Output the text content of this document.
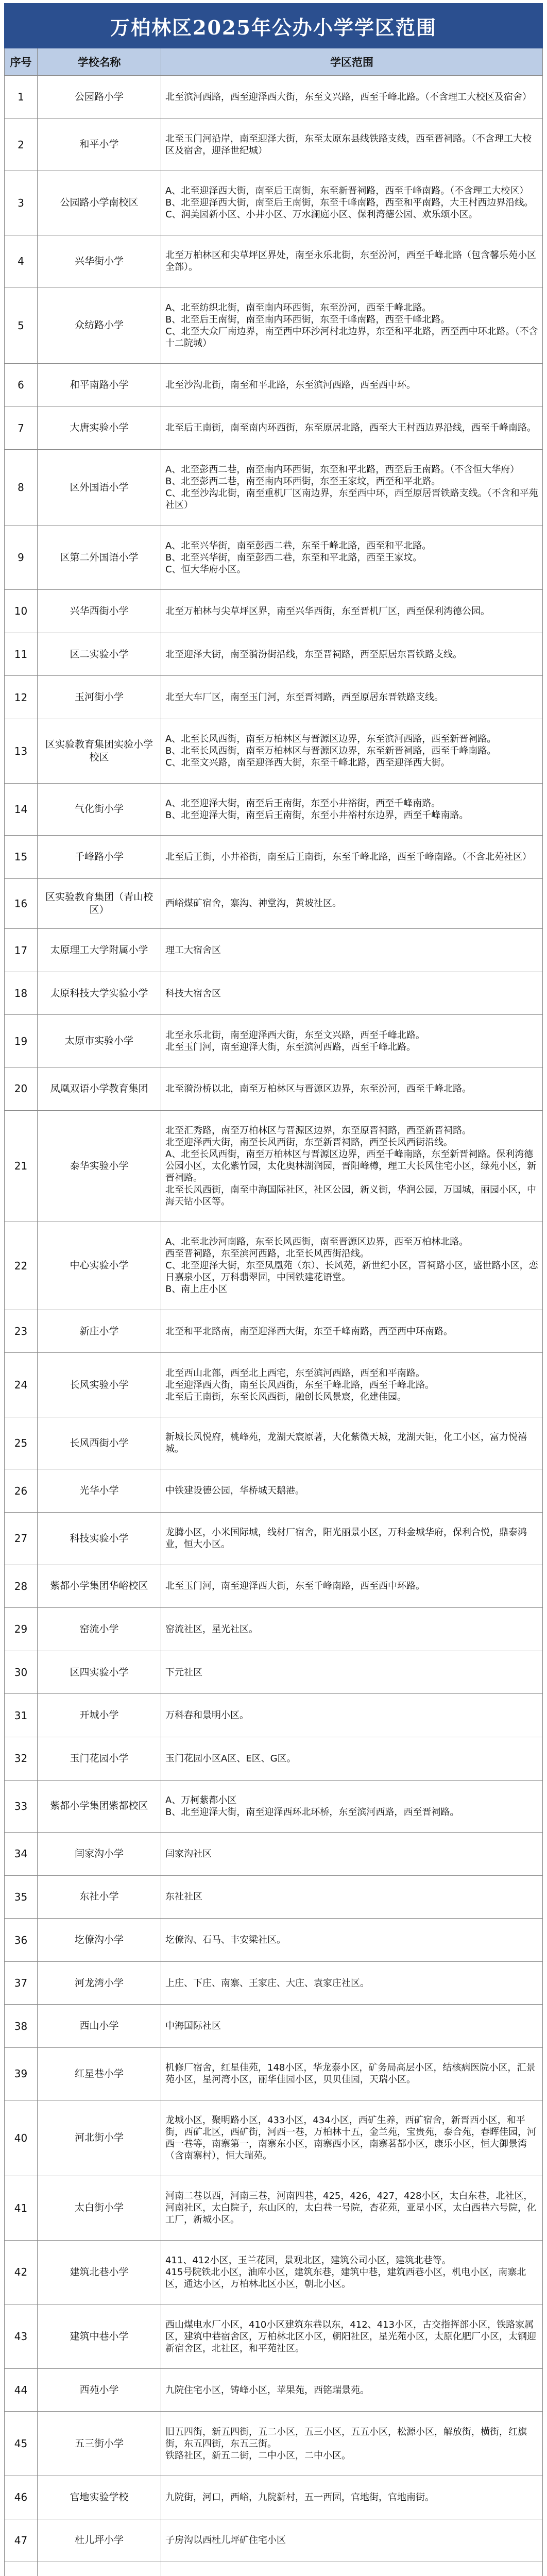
万柏林区2025年公办小学学区范围		
序号	学校名称	学区范围
1	公园路小学	北至滨河西路，西至迎泽西大街，东至文兴路，西至千峰北路。（不含理工大校区及宿舍）

2	和平小学	北至玉门河沿岸，南至迎泽大街，东至太原东县线铁路支线，西至晋祠路。（不含理工大校区及宿舍，迎泽世纪城）

3	公园路小学南校区	A、北至迎泽西大街，南至后王南街，东至新晋祠路，西至千峰南路。（不含理工大校区）

B、北至迎泽西大街，南至后王南街，东至千峰南路，西至和平南路，大王村西边界沿线。

C、润美园新小区、小井小区、万水澜庭小区、保利湾德公园、欢乐颂小区。

4	兴华街小学	北至万柏林区和尖草坪区界处，南至永乐北街，东至汾河，西至千峰北路（包含馨乐苑小区全部）。

5	众纺路小学	A、北至纺织北街，南至南内环西街，东至汾河，西至千峰北路。

B、北至后王南街，南至南内环西街，东至千峰南路，西至千峰北路。

C、北至大众厂南边界，南至西中环沙河村北边界，东至和平北路，西至西中环北路。（不含十二院城）

6	和平南路小学	北至沙沟北街，南至和平北路，东至滨河西路，西至西中环。

7	大唐实验小学	北至后王南街，南至南内环西街，东至原居北路，西至大王村西边界沿线，西至千峰南路。

8	区外国语小学	A、北至彭西二巷，南至南内环西街，东至和平北路，西至后王南路。（不含恒大华府）

B、北至彭西二巷，南至南内环西街，东至王家坟，西至和平北路。

C、北至沙沟北街，南至重机厂区南边界，东至西中环，西至原居晋铁路支线。（不含和平苑社区）

9	区第二外国语小学	A、北至兴华街，南至彭西二巷，东至千峰北路，西至和平北路。

B、北至兴华街，南至彭西二巷，东至和平北路，西至王家坟。

C、恒大华府小区。

10	兴华西街小学	北至万柏林与尖草坪区界，南至兴华西街，东至晋机厂区，西至保利湾德公园。

11	区二实验小学	北至迎泽大街，南至漪汾街沿线，东至晋祠路，西至原居东晋铁路支线。

12	玉河街小学	北至大车厂区，南至玉门河，东至晋祠路，西至原居东晋铁路支线。

13	区实验教育集团实验小学校区	A、北至长风西街，南至万柏林区与晋源区边界，东至滨河西路，西至新晋祠路。

B、北至长风西街，南至万柏林区与晋源区边界，东至新晋祠路，西至千峰南路。

C、北至文兴路，南至迎泽西大街，东至千峰北路，西至迎泽西大街。

14	气化街小学	A、北至迎泽大街，南至后王南街，东至小井裕街，西至千峰南路。

B、北至迎泽大街，南至后王南街，东至小井裕村东边界，西至千峰南路。

15	千峰路小学	北至后王街，小井裕街，南至后王南街，东至千峰北路，西至千峰南路。（不含北苑社区）

16	区实验教育集团（青山校区）	西峪煤矿宿舍，寨沟、神堂沟，黄坡社区。

17	太原理工大学附属小学	理工大宿舍区

18	太原科技大学实验小学	科技大宿舍区

19	太原市实验小学	北至永乐北街，南至迎泽西大街，东至文兴路，西至千峰北路。

北至玉门河，南至迎泽大街，东至滨河西路，西至千峰北路。

20	凤凰双语小学教育集团	北至漪汾桥以北，南至万柏林区与晋源区边界，东至汾河，西至千峰北路。

21	泰华实验小学	北至汇秀路，南至万柏林区与晋源区边界，东至原晋祠路，西至新晋祠路。

北至迎泽西大街，南至长风西街，东至新晋祠路，西至长风西街沿线。

A、北至长风西街，南至万柏林区与晋源区边界，西至千峰南路，东至新晋祠路。保利湾德公园小区，太化紫竹园，太化奥林湖润园，晋阳峰樽，理工大长风住宅小区，绿苑小区，新晋祠路。

北至长风西街，南至中海国际社区，社区公园，新义街，华润公园，万国城，丽园小区，中海天钻小区等。

22	中心实验小学	A、北至北沙河南路，东至长风西街，南至晋源区边界，西至万柏林北路。

西至晋祠路，东至滨河西路，北至长风西街沿线。

C、北至迎泽大街，东至凤凰苑（东）、长风苑，新世纪小区，晋祠路小区，盛世路小区，恋日嘉泉小区，万科翡翠园，中国铁建花语堂。

B、南上庄小区

23	新庄小学	北至和平北路南，南至迎泽西大街，东至千峰南路，西至西中环南路。

24	长风实验小学	北至西山北部，西至北上西宅，东至滨河西路，西至和平南路。

北至迎泽西大街，南至长风西街，东至千峰北路，西至千峰北路。

北至后王南街，东至长风西街，融创长风景宸，化建佳园。

25	长风西街小学	新城长风悦府，桃峰苑，龙湖天宸原著，大化紫微天城，龙湖天钜，化工小区，富力悦禧城。

26	光华小学	中铁建设德公园，华桥城天鹅港。

27	科技实验小学	龙腾小区，小米国际城，线材厂宿舍，阳光丽景小区，万科金城华府，保利合悦，鼎泰鸿业，恒大小区。

28	紫都小学集团华峪校区	北至玉门河，南至迎泽西大街，东至千峰南路，西至西中环路。

29	窑流小学	窑流社区，星光社区。

30	区四实验小学	下元社区

31	开城小学	万科春和景明小区。

32	玉门花园小学	玉门花园小区A区、E区、G区。

33	紫都小学集团紫都校区	A、万柯紫都小区

B、北至迎泽大街，南至迎泽西环北环桥，东至滨河西路，西至晋祠路。

34	闫家沟小学	闫家沟社区

35	东社小学	东社社区

36	圪僚沟小学	圪僚沟、石马、丰安梁社区。

37	河龙湾小学	上庄、下庄、南寨、王家庄、大庄、袁家庄社区。

38	西山小学	中海国际社区

39	红星巷小学	机修厂宿舍，红星佳苑，148小区，华龙泰小区，矿务局高层小区，结核病医院小区，汇景苑小区，星河湾小区，丽华佳园小区，贝贝佳园，天瑞小区。

40	河北街小学	龙城小区，聚明路小区，433小区，434小区，西矿生养，西矿宿舍，新晋西小区，和平街，西矿北区，西矿街，河西一巷，万柏林十五，金兰苑，宝贵苑，泰合苑，春晖佳园，河西一巷等，南寨第一，南寨东小区，南寨西小区，南寨茗都小区，康乐小区，恒大御景湾（含南寨村），恒大瑞苑。

41	太白街小学	河南二巷以西，河南三巷，河南四巷，425，426，427，428小区，太白东巷，北社区，河南社区，太白院子，东山区的，太白巷一号院，杏花苑，亚星小区，太白西巷六号院，化工厂，新城小区。

42	建筑北巷小学	411、412小区，玉兰花园，景观北区，建筑公司小区，建筑北巷等。

415号院铁北小区，油库小区，建筑东巷，建筑中巷，建筑西巷小区，机电小区，南寨北区，通达小区，万柏林北区小区，朝北小区。

43	建筑中巷小学	西山煤电水厂小区，410小区建筑东巷以东，412、413小区，古交指挥部小区，铁路家属区，建筑中巷宿舍区，万柏林北区小区，朝阳社区，星光苑小区，太原化肥厂小区，太钢迎新宿舍区，北社区，和平苑社区。

44	西苑小学	九院住宅小区，铸峰小区，苹果苑，西铭瑞景苑。

45	五三街小学	旧五四街，新五四街，五二小区，五三小区，五五小区，松源小区，解放街，横街，红旗街，东五四街，东五三街。

铁路社区，新五二街，二中小区，二中小区。

46	官地实验学校	九院街，河口，西峪，九院新村，五一西园，官地街，官地南街。

47	杜儿坪小学	子房沟以西杜儿坪矿住宅小区
